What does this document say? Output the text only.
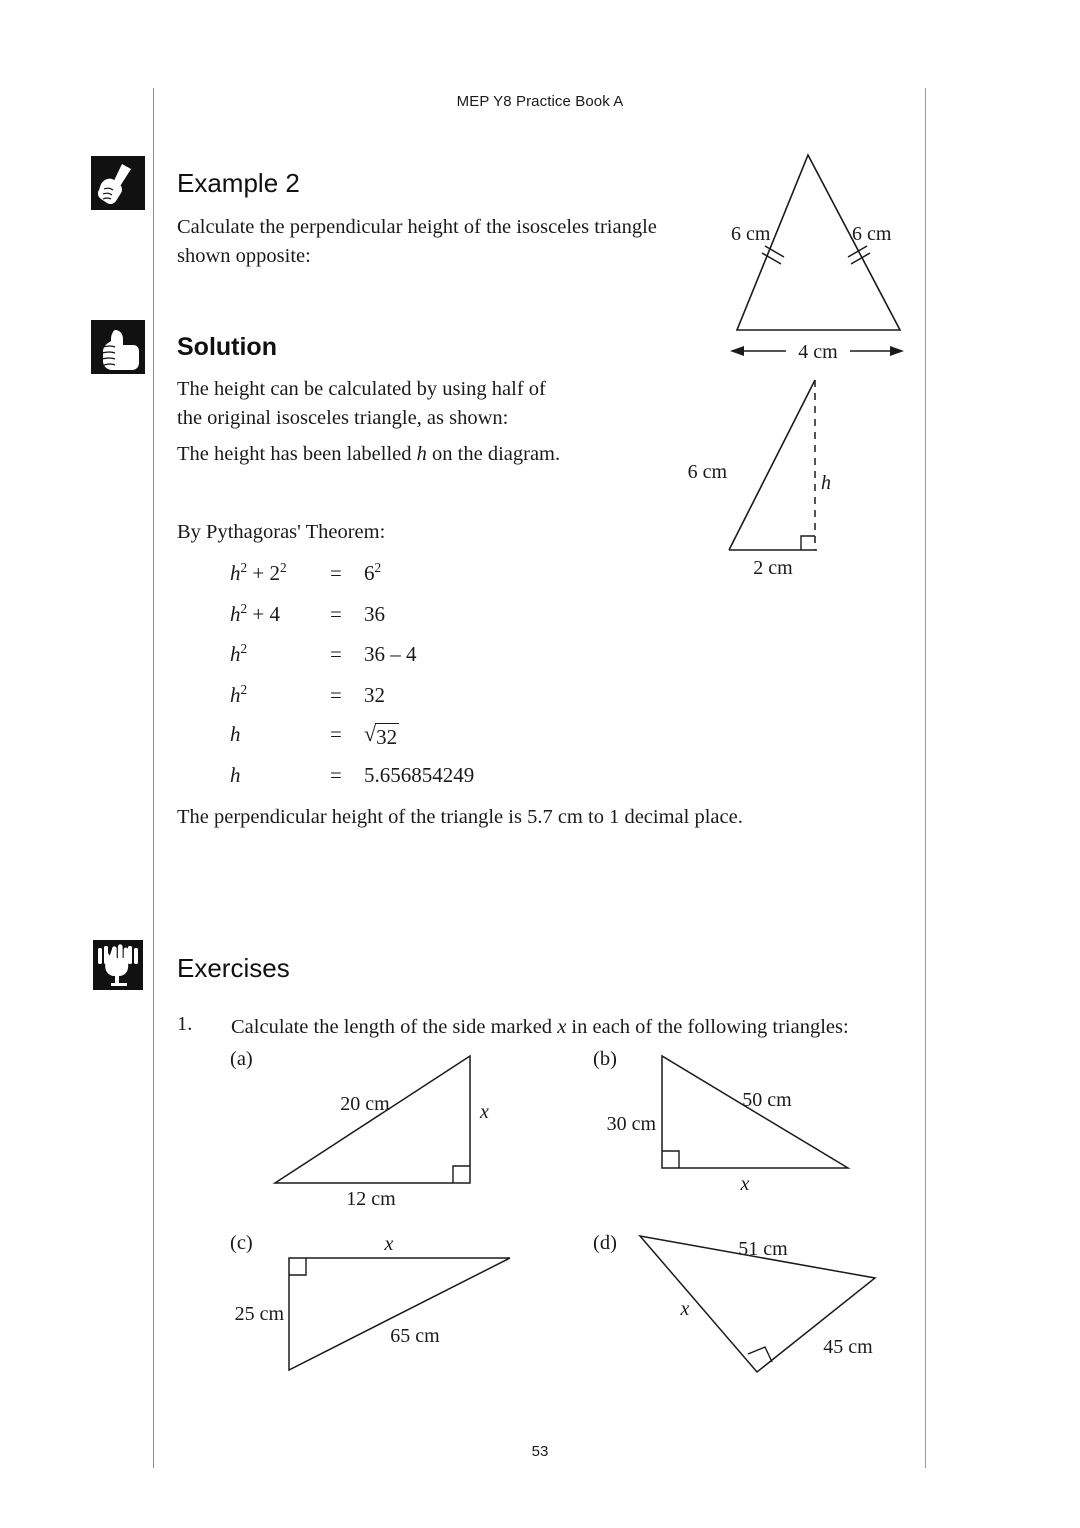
MEP Y8 Practice Book A
Example 2
Calculate the perpendicular height of the isosceles triangle
shown opposite:
4 cm
6 cm	6 cm
Solution
The height can be calculated by using half of
the original isosceles triangle, as shown:
The height has been labelled h on the diagram.
6 cm	h
2 cm
By Pythagoras' Theorem:
$h^2 + 2^2$	=	$6^2$
$h^2 + 4$	=	36
$h^2$	=	36 – 4
$h^2$	=	32
h	=	√ 32
h	=	5.656854249
The perpendicular height of the triangle is 5.7 cm to 1 decimal place.
Exercises
1. Calculate the length of the side marked x in each of the following triangles:
(a)
20 cm
12 cm
x
(b)
30 cm
50 cm
x
(c)	x
25 cm
65 cm
(d)	51 cm
45 cm
x
53
